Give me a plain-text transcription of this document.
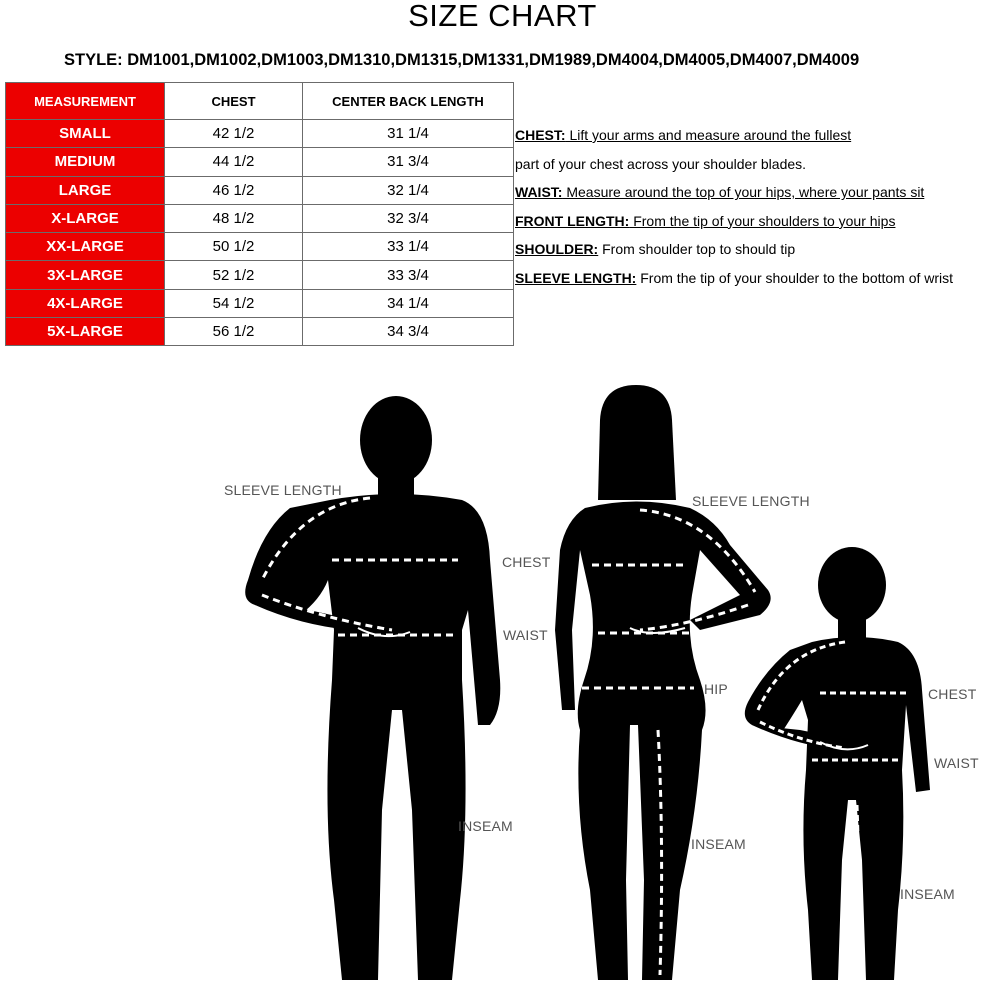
SIZE CHART
STYLE: DM1001,DM1002,DM1003,DM1310,DM1315,DM1331,DM1989,DM4004,DM4005,DM4007,DM4009
MEASUREMENT	CHEST	CENTER BACK LENGTH
SMALL	42 1/2	31 1/4
MEDIUM	44 1/2	31 3/4
LARGE	46 1/2	32 1/4
X-LARGE	48 1/2	32 3/4
XX-LARGE	50 1/2	33 1/4
3X-LARGE	52 1/2	33 3/4
4X-LARGE	54 1/2	34 1/4
5X-LARGE	56 1/2	34 3/4
CHEST: Lift your arms and measure around the fullest
part of your chest across your shoulder blades.
WAIST: Measure around the top of your hips, where your pants sit
FRONT LENGTH: From the tip of your shoulders to your hips
SHOULDER: From shoulder top to should tip
SLEEVE LENGTH: From the tip of your shoulder to the bottom of wrist
SLEEVE LENGTH
CHEST
WAIST
INSEAM
SLEEVE LENGTH
HIP
INSEAM
CHEST
WAIST
INSEAM
